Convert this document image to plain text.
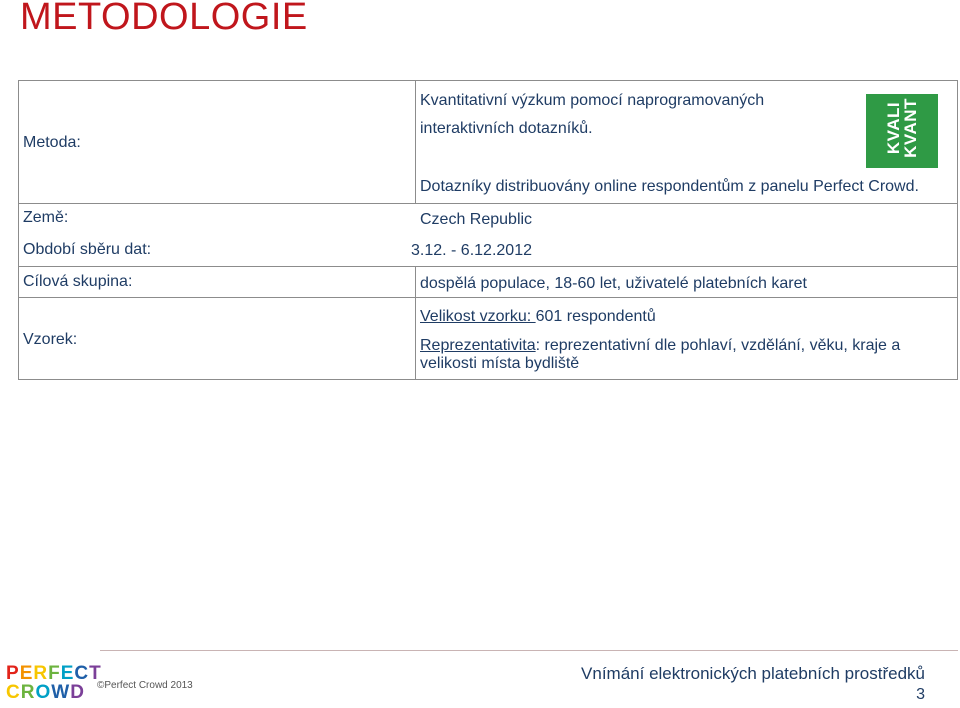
METODOLOGIE
Metoda:
Kvantitativní výzkum pomocí naprogramovaných
interaktivních dotazníků.
Dotazníky distribuovány online respondentům z panelu Perfect Crowd.
KVALI
KVANT
Země:	Czech Republic
Období sběru dat:	3.12. - 6.12.2012
Cílová skupina:	dospělá populace, 18-60 let, uživatelé platebních karet
Vzorek:
Velikost vzorku: 601 respondentů
Reprezentativita: reprezentativní dle pohlaví, vzdělání, věku, kraje a
velikosti místa bydliště
P E R F E C T
C R O W D ©Perfect Crowd 2013
Vnímání elektronických platebních prostředků
3
